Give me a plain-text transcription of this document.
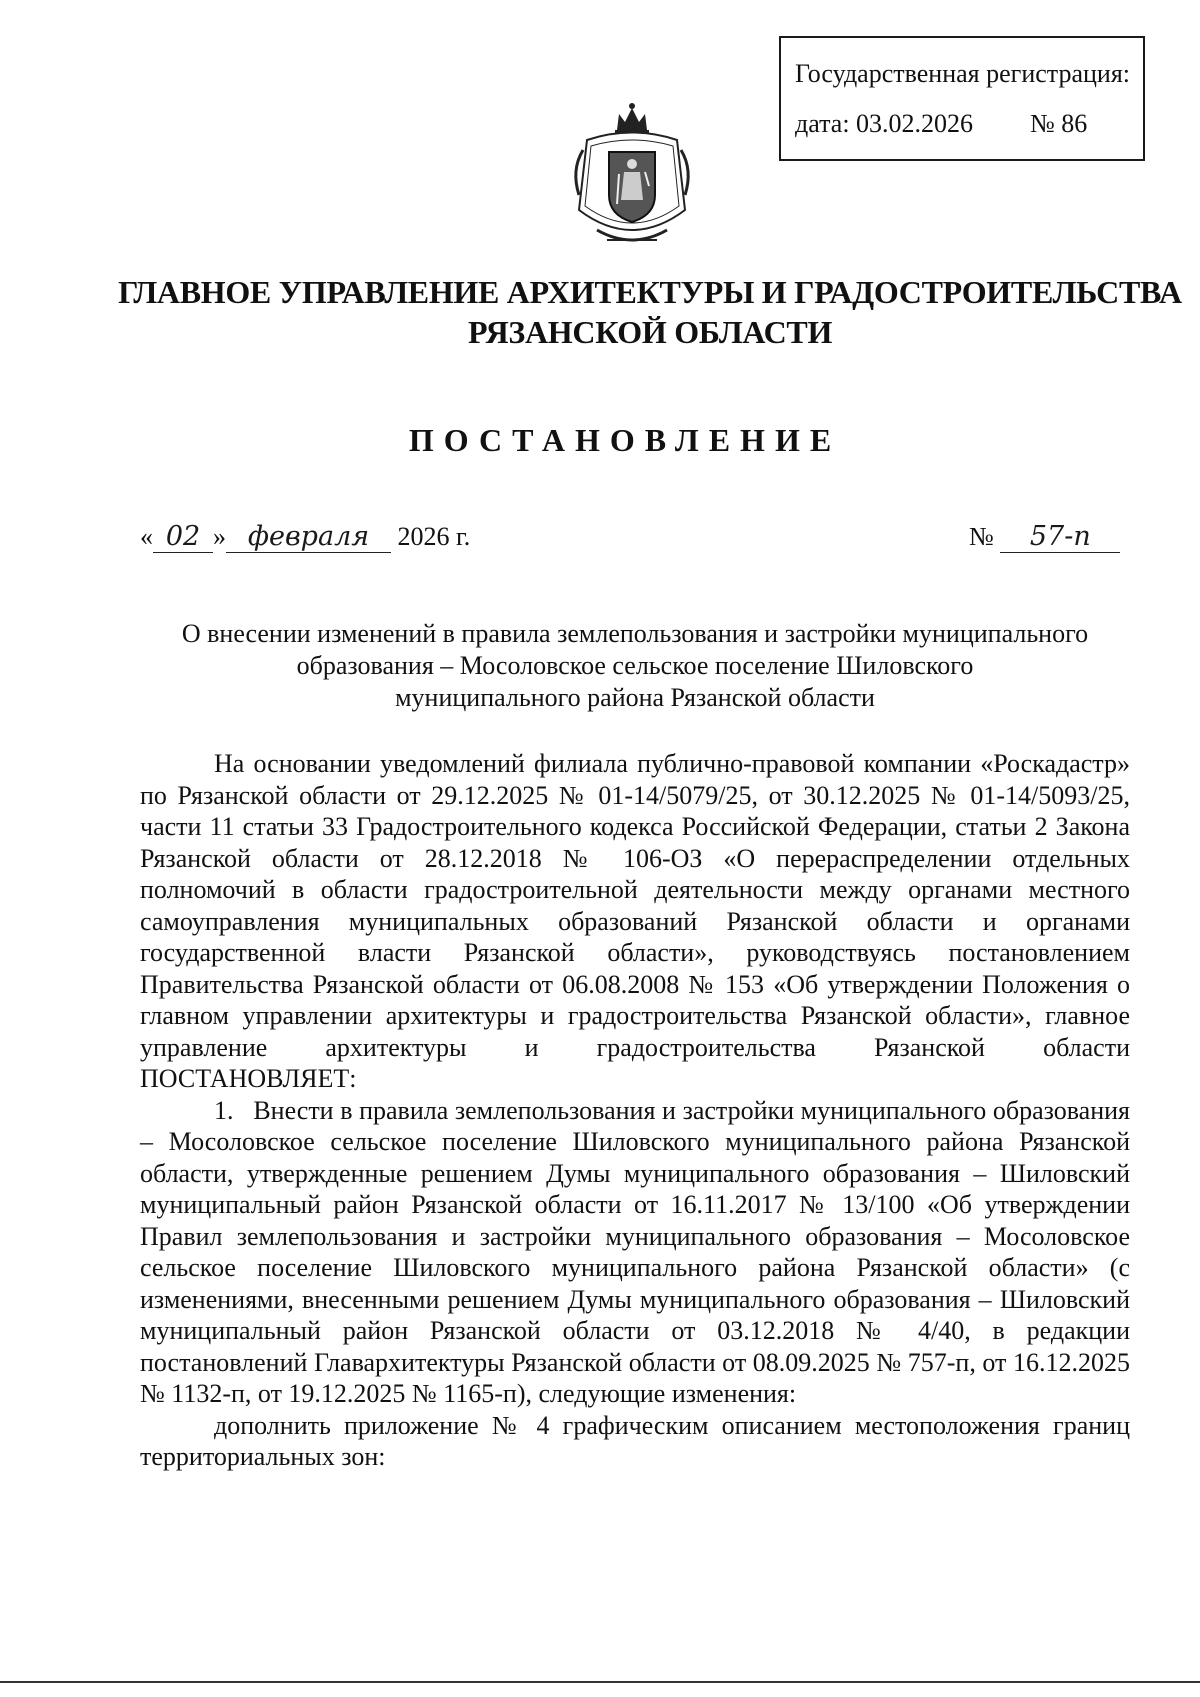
Государственная регистрация:
дата: 03.02.2026 № 86
ГЛАВНОЕ УПРАВЛЕНИЕ АРХИТЕКТУРЫ И ГРАДОСТРОИТЕЛЬСТВА
РЯЗАНСКОЙ ОБЛАСТИ
ПОСТАНОВЛЕНИЕ
« 02 » февраля 2026 г.	№ 57-п
О внесении изменений в правила землепользования и застройки муниципального
образования – Мосоловское сельское поселение Шиловского
муниципального района Рязанской области

На основании уведомлений филиала публично-правовой компании «Роскадастр» по Рязанской области от 29.12.2025 № 01-14/5079/25, от 30.12.2025 № 01-14/5093/25, части 11 статьи 33 Градостроительного кодекса Российской Федерации, статьи 2 Закона Рязанской области от 28.12.2018 № 106-ОЗ «О перераспределении отдельных полномочий в области градостроительной деятельности между органами местного самоуправления муниципальных образований Рязанской области и органами государственной власти Рязанской области», руководствуясь постановлением Правительства Рязанской области от 06.08.2008 № 153 «Об утверждении Положения о главном управлении архитектуры и градостроительства Рязанской области», главное управление архитектуры и градостроительства Рязанской области

ПОСТАНОВЛЯЕТ:

1.   Внести в правила землепользования и застройки муниципального образования – Мосоловское сельское поселение Шиловского муниципального района Рязанской области, утвержденные решением Думы муниципального образования – Шиловский муниципальный район Рязанской области от 16.11.2017 № 13/100 «Об утверждении Правил землепользования и застройки муниципального образования – Мосоловское сельское поселение Шиловского муниципального района Рязанской области» (с изменениями, внесенными решением Думы муниципального образования – Шиловский муниципальный район Рязанской области от 03.12.2018 № 4/40, в редакции постановлений Главархитектуры Рязанской области от 08.09.2025 № 757-п, от 16.12.2025 № 1132-п, от 19.12.2025 № 1165-п), следующие изменения:

дополнить приложение № 4 графическим описанием местоположения границ территориальных зон:
